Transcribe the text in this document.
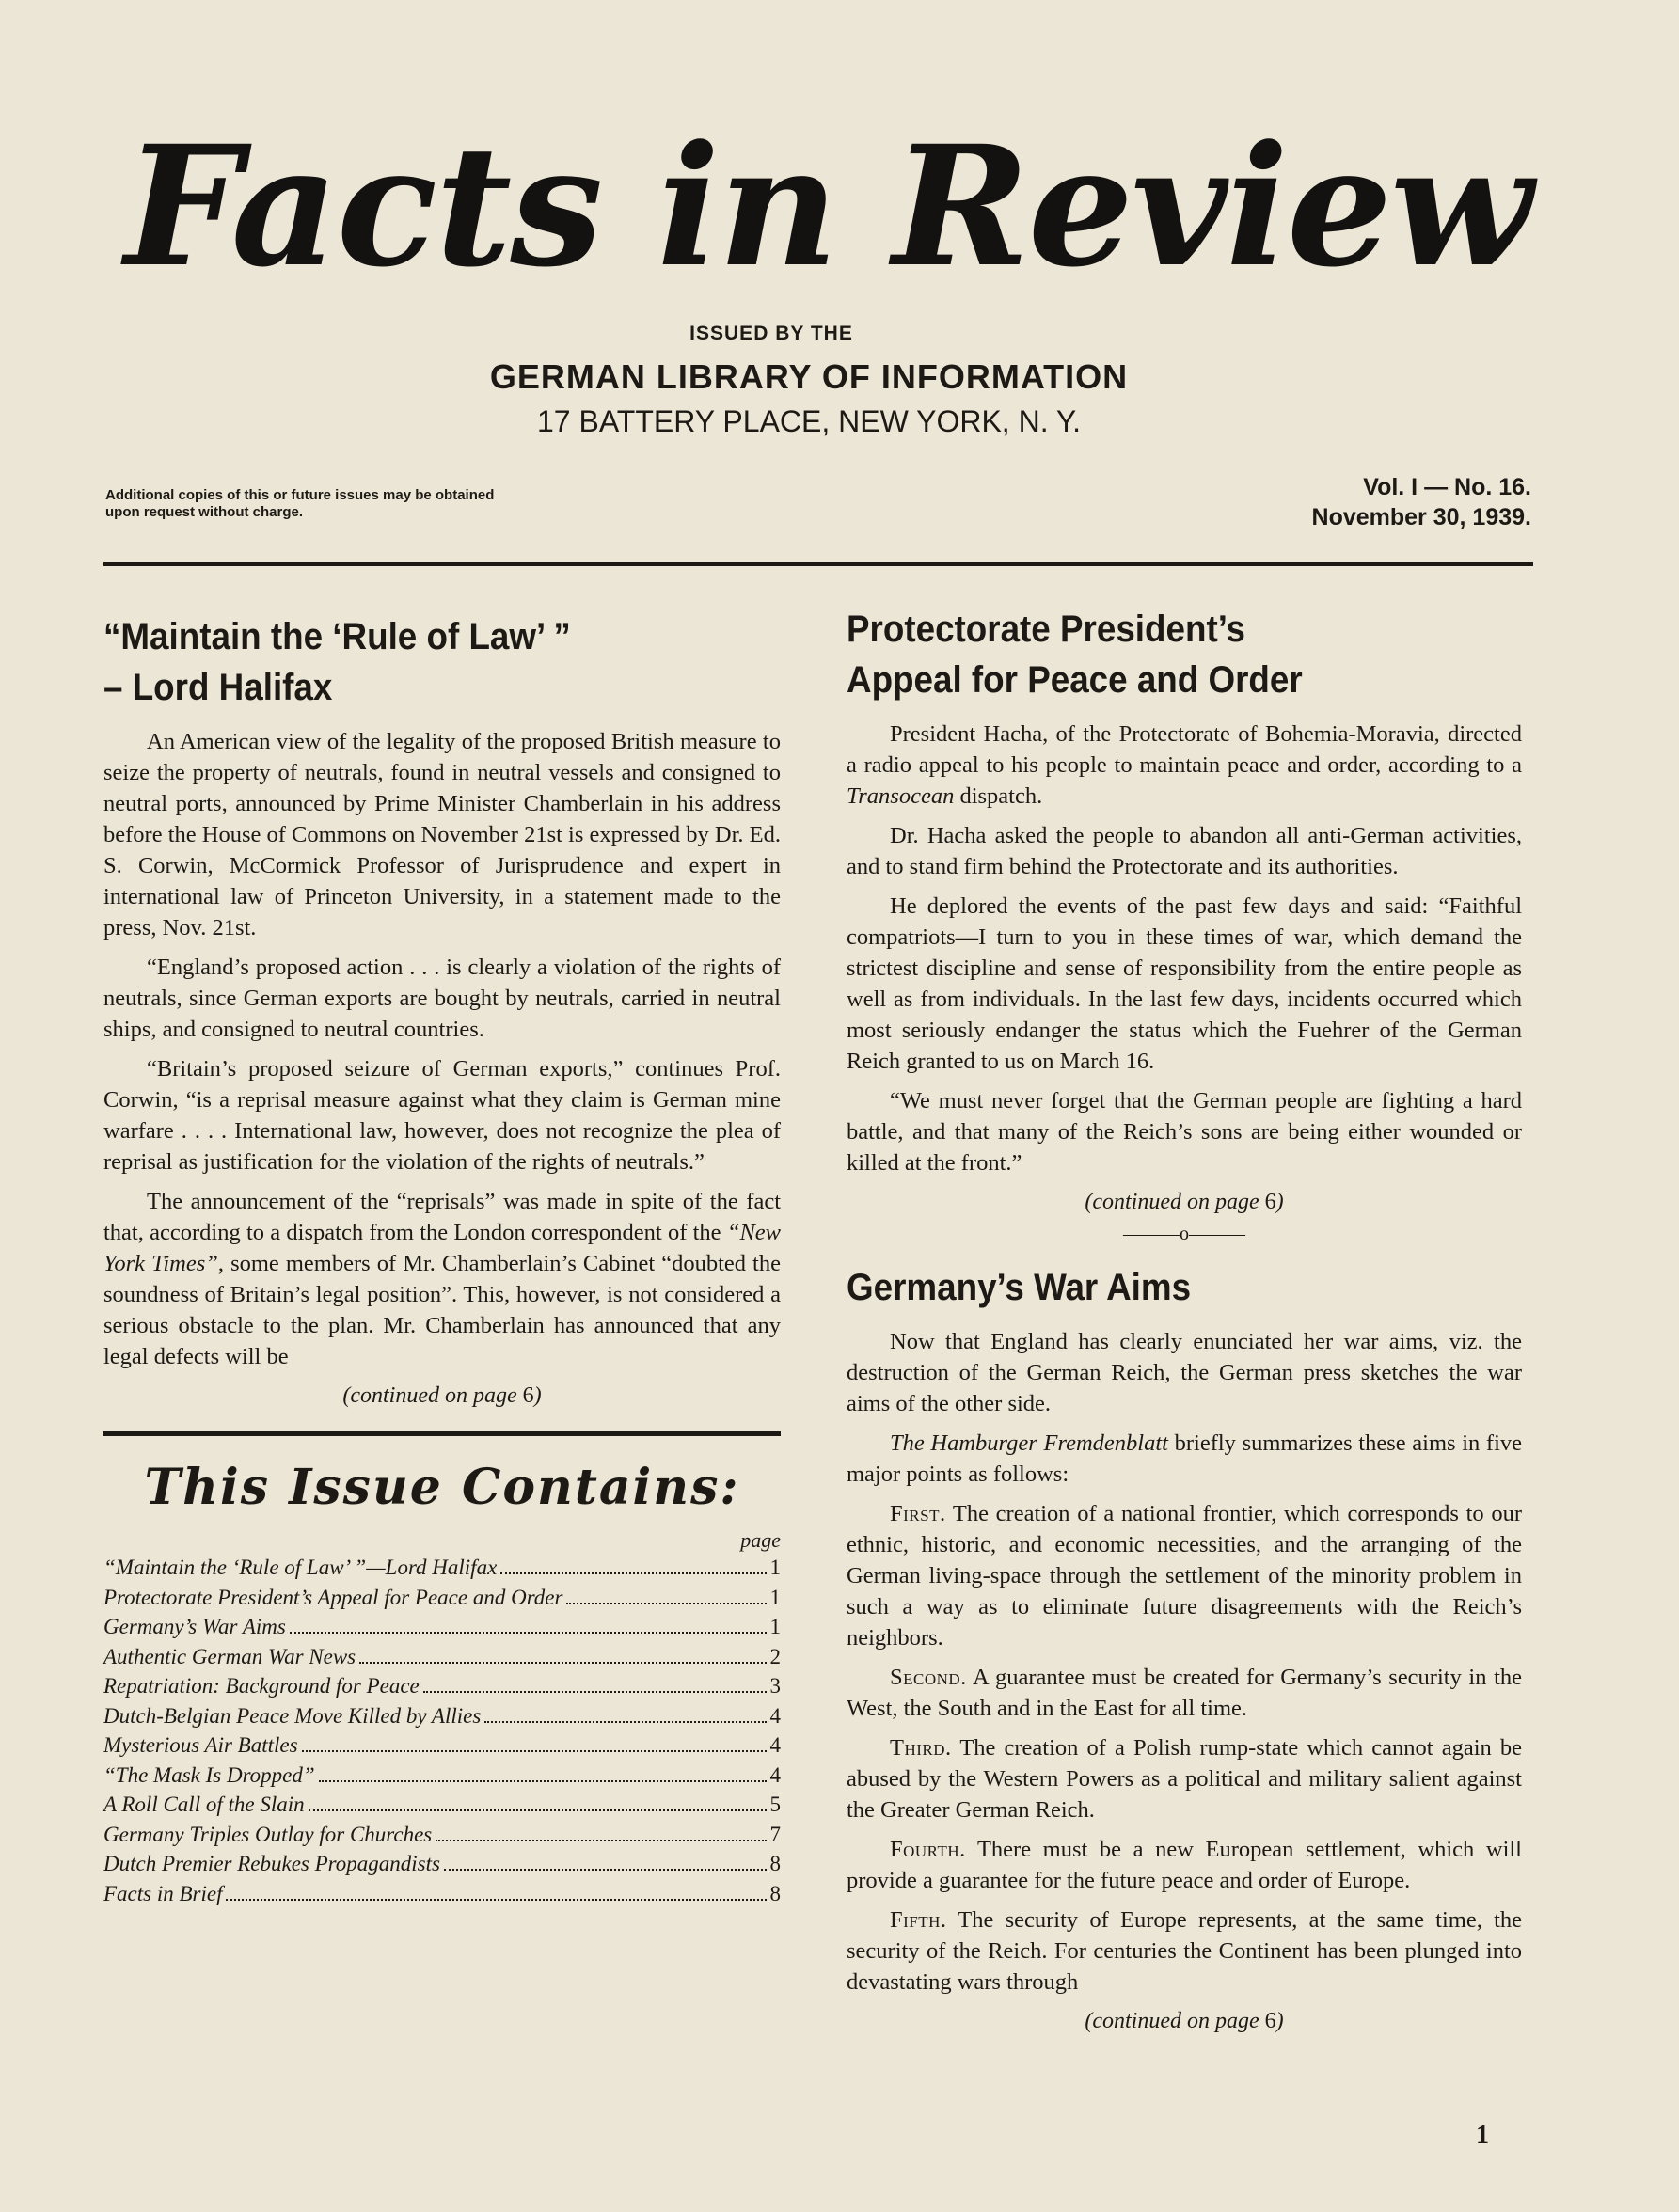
Facts in Review
ISSUED BY THE
GERMAN LIBRARY OF INFORMATION
17 BATTERY PLACE, NEW YORK, N. Y.
Additional copies of this or future issues may be obtained upon request without charge.
Vol. I — No. 16.
November 30, 1939.
“Maintain the ‘Rule of Law’ ”
– Lord Halifax

An American view of the legality of the proposed British measure to seize the property of neutrals, found in neutral vessels and consigned to neutral ports, announced by Prime Minister Chamberlain in his address before the House of Commons on November 21st is expressed by Dr. Ed. S. Corwin, McCormick Professor of Jurisprudence and expert in international law of Princeton University, in a statement made to the press, Nov. 21st.

“England’s proposed action . . . is clearly a violation of the rights of neutrals, since German exports are bought by neutrals, carried in neutral ships, and consigned to neutral countries.

“Britain’s proposed seizure of German exports,” continues Prof. Corwin, “is a reprisal measure against what they claim is German mine warfare . . . . International law, however, does not recognize the plea of reprisal as justification for the violation of the rights of neutrals.”

The announcement of the “reprisals” was made in spite of the fact that, according to a dispatch from the London correspondent of the “New York Times”, some members of Mr. Chamberlain’s Cabinet “doubted the soundness of Britain’s legal position”. This, however, is not considered a serious obstacle to the plan. Mr. Chamberlain has announced that any legal defects will be

(continued on page 6)
This Issue Contains:
page
“Maintain the ‘Rule of Law’ ”—Lord Halifax	1
Protectorate President’s Appeal for Peace and Order	1
Germany’s War Aims	1
Authentic German War News	2
Repatriation: Background for Peace	3
Dutch-Belgian Peace Move Killed by Allies	4
Mysterious Air Battles	4
“The Mask Is Dropped”	4
A Roll Call of the Slain	5
Germany Triples Outlay for Churches	7
Dutch Premier Rebukes Propagandists	8
Facts in Brief	8
Protectorate President’s
Appeal for Peace and Order

President Hacha, of the Protectorate of Bohemia-Moravia, directed a radio appeal to his people to maintain peace and order, according to a Transocean dispatch.

Dr. Hacha asked the people to abandon all anti-German activities, and to stand firm behind the Protectorate and its authorities.

He deplored the events of the past few days and said: “Faithful compatriots—I turn to you in these times of war, which demand the strictest discipline and sense of responsibility from the entire people as well as from individuals. In the last few days, incidents occurred which most seriously endanger the status which the Fuehrer of the German Reich granted to us on March 16.

“We must never forget that the German people are fighting a hard battle, and that many of the Reich’s sons are being either wounded or killed at the front.”

(continued on page 6)
———o———
Germany’s War Aims

Now that England has clearly enunciated her war aims, viz. the destruction of the German Reich, the German press sketches the war aims of the other side.

The Hamburger Fremdenblatt briefly summarizes these aims in five major points as follows:

First. The creation of a national frontier, which corresponds to our ethnic, historic, and economic necessities, and the arranging of the German living-space through the settlement of the minority problem in such a way as to eliminate future disagreements with the Reich’s neighbors.

Second. A guarantee must be created for Germany’s security in the West, the South and in the East for all time.

Third. The creation of a Polish rump-state which cannot again be abused by the Western Powers as a political and military salient against the Greater German Reich.

Fourth. There must be a new European settlement, which will provide a guarantee for the future peace and order of Europe.

Fifth. The security of Europe represents, at the same time, the security of the Reich. For centuries the Continent has been plunged into devastating wars through

(continued on page 6)
1
